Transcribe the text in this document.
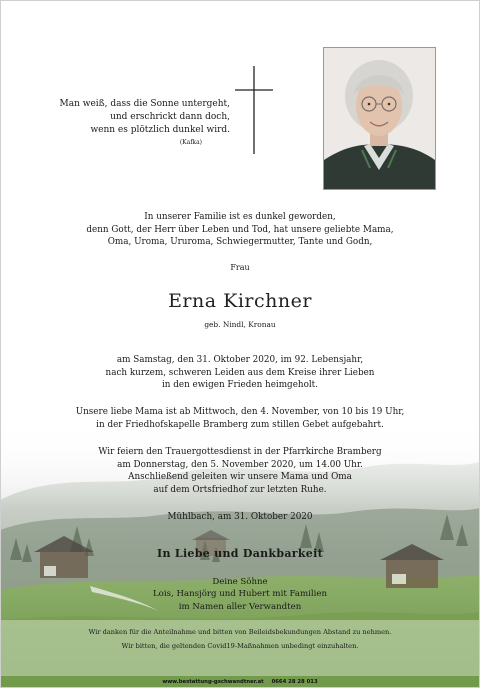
Man weiß, dass die Sonne untergeht,
und erschrickt dann doch,
wenn es plötzlich dunkel wird.
(Kafka)
In unserer Familie ist es dunkel geworden,
denn Gott, der Herr über Leben und Tod, hat unsere geliebte Mama,
Oma, Uroma, Ururoma, Schwiegermutter, Tante und Godn,
Frau
Erna Kirchner
geb. Nindl, Kronau
am Samstag, den 31. Oktober 2020, im 92. Lebensjahr,
nach kurzem, schweren Leiden aus dem Kreise ihrer Lieben
in den ewigen Frieden heimgeholt.
Unsere liebe Mama ist ab Mittwoch, den 4. November, von 10 bis 19 Uhr,
in der Friedhofskapelle Bramberg zum stillen Gebet aufgebahrt.
Wir feiern den Trauergottesdienst in der Pfarrkirche Bramberg
am Donnerstag, den 5. November 2020, um 14.00 Uhr.
Anschließend geleiten wir unsere Mama und Oma
auf dem Ortsfriedhof zur letzten Ruhe.
Mühlbach, am 31. Oktober 2020
In Liebe und Dankbarkeit
Deine Söhne
Lois, Hansjörg und Hubert mit Familien
im Namen aller Verwandten
Wir danken für die Anteilnahme und bitten von Beileidsbekundungen Abstand zu nehmen.
Wir bitten, die geltenden Covid19-Maßnahmen unbedingt einzuhalten.
www.bestattung-gschwandtner.at 0664 28 28 013
